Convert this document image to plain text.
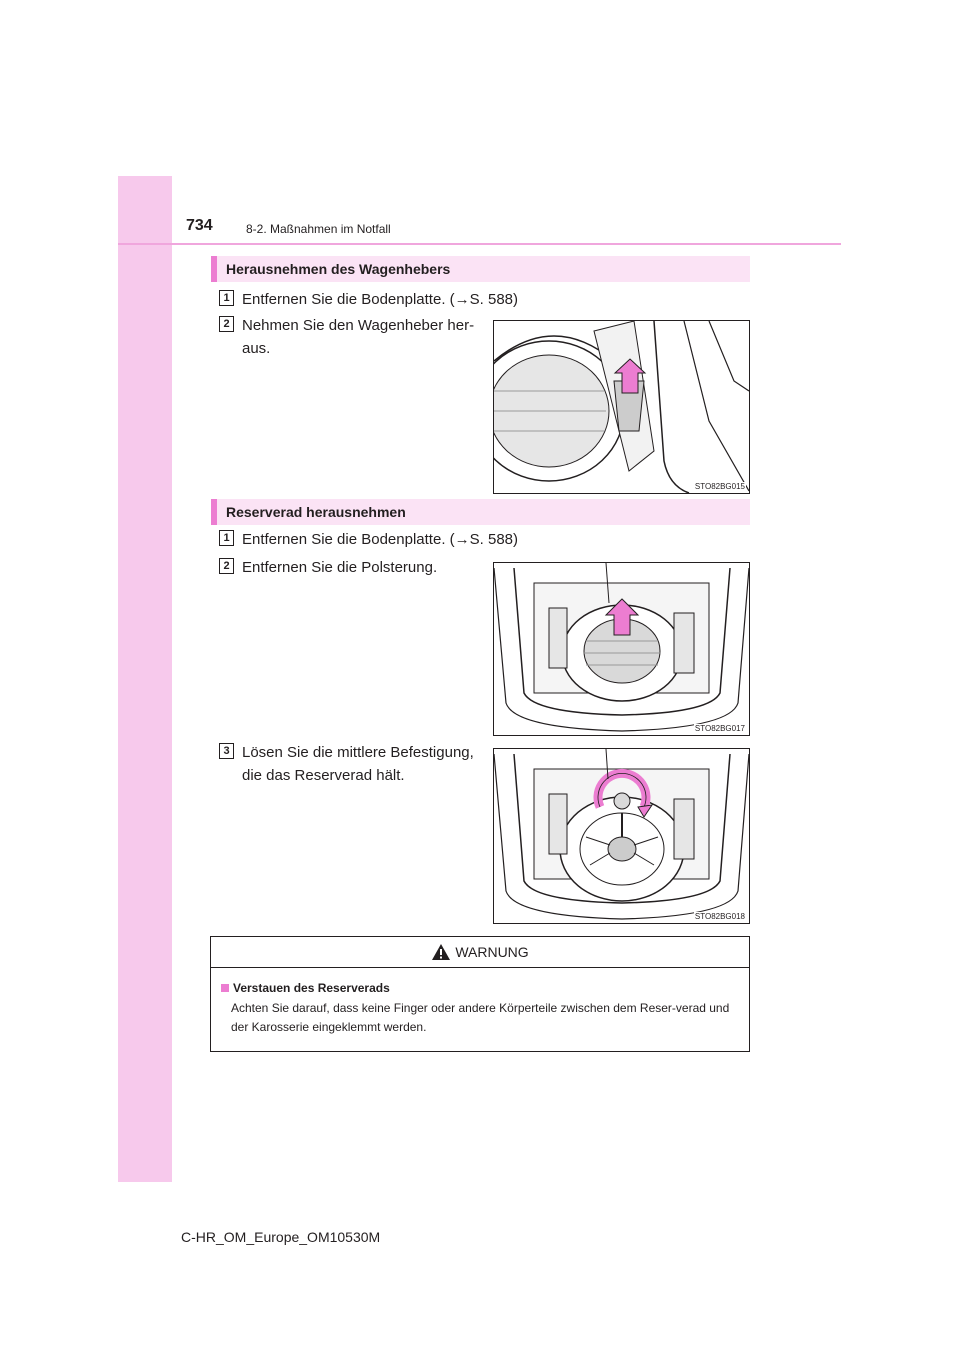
734	8-2. Maßnahmen im Notfall
Herausnehmen des Wagenhebers
1 Entfernen Sie die Bodenplatte. (→S. 588)
2 Nehmen Sie den Wagenheber her-
aus.
STO82BG015
Reserverad herausnehmen
1 Entfernen Sie die Bodenplatte. (→S. 588)
2 Entfernen Sie die Polsterung.
STO82BG017
3 Lösen Sie die mittlere Befestigung,
die das Reserverad hält.
STO82BG018
WARNUNG
Verstauen des Reserverads
Achten Sie darauf, dass keine Finger oder andere Körperteile zwischen dem Reser-verad und der Karosserie eingeklemmt werden.
C-HR_OM_Europe_OM10530M
